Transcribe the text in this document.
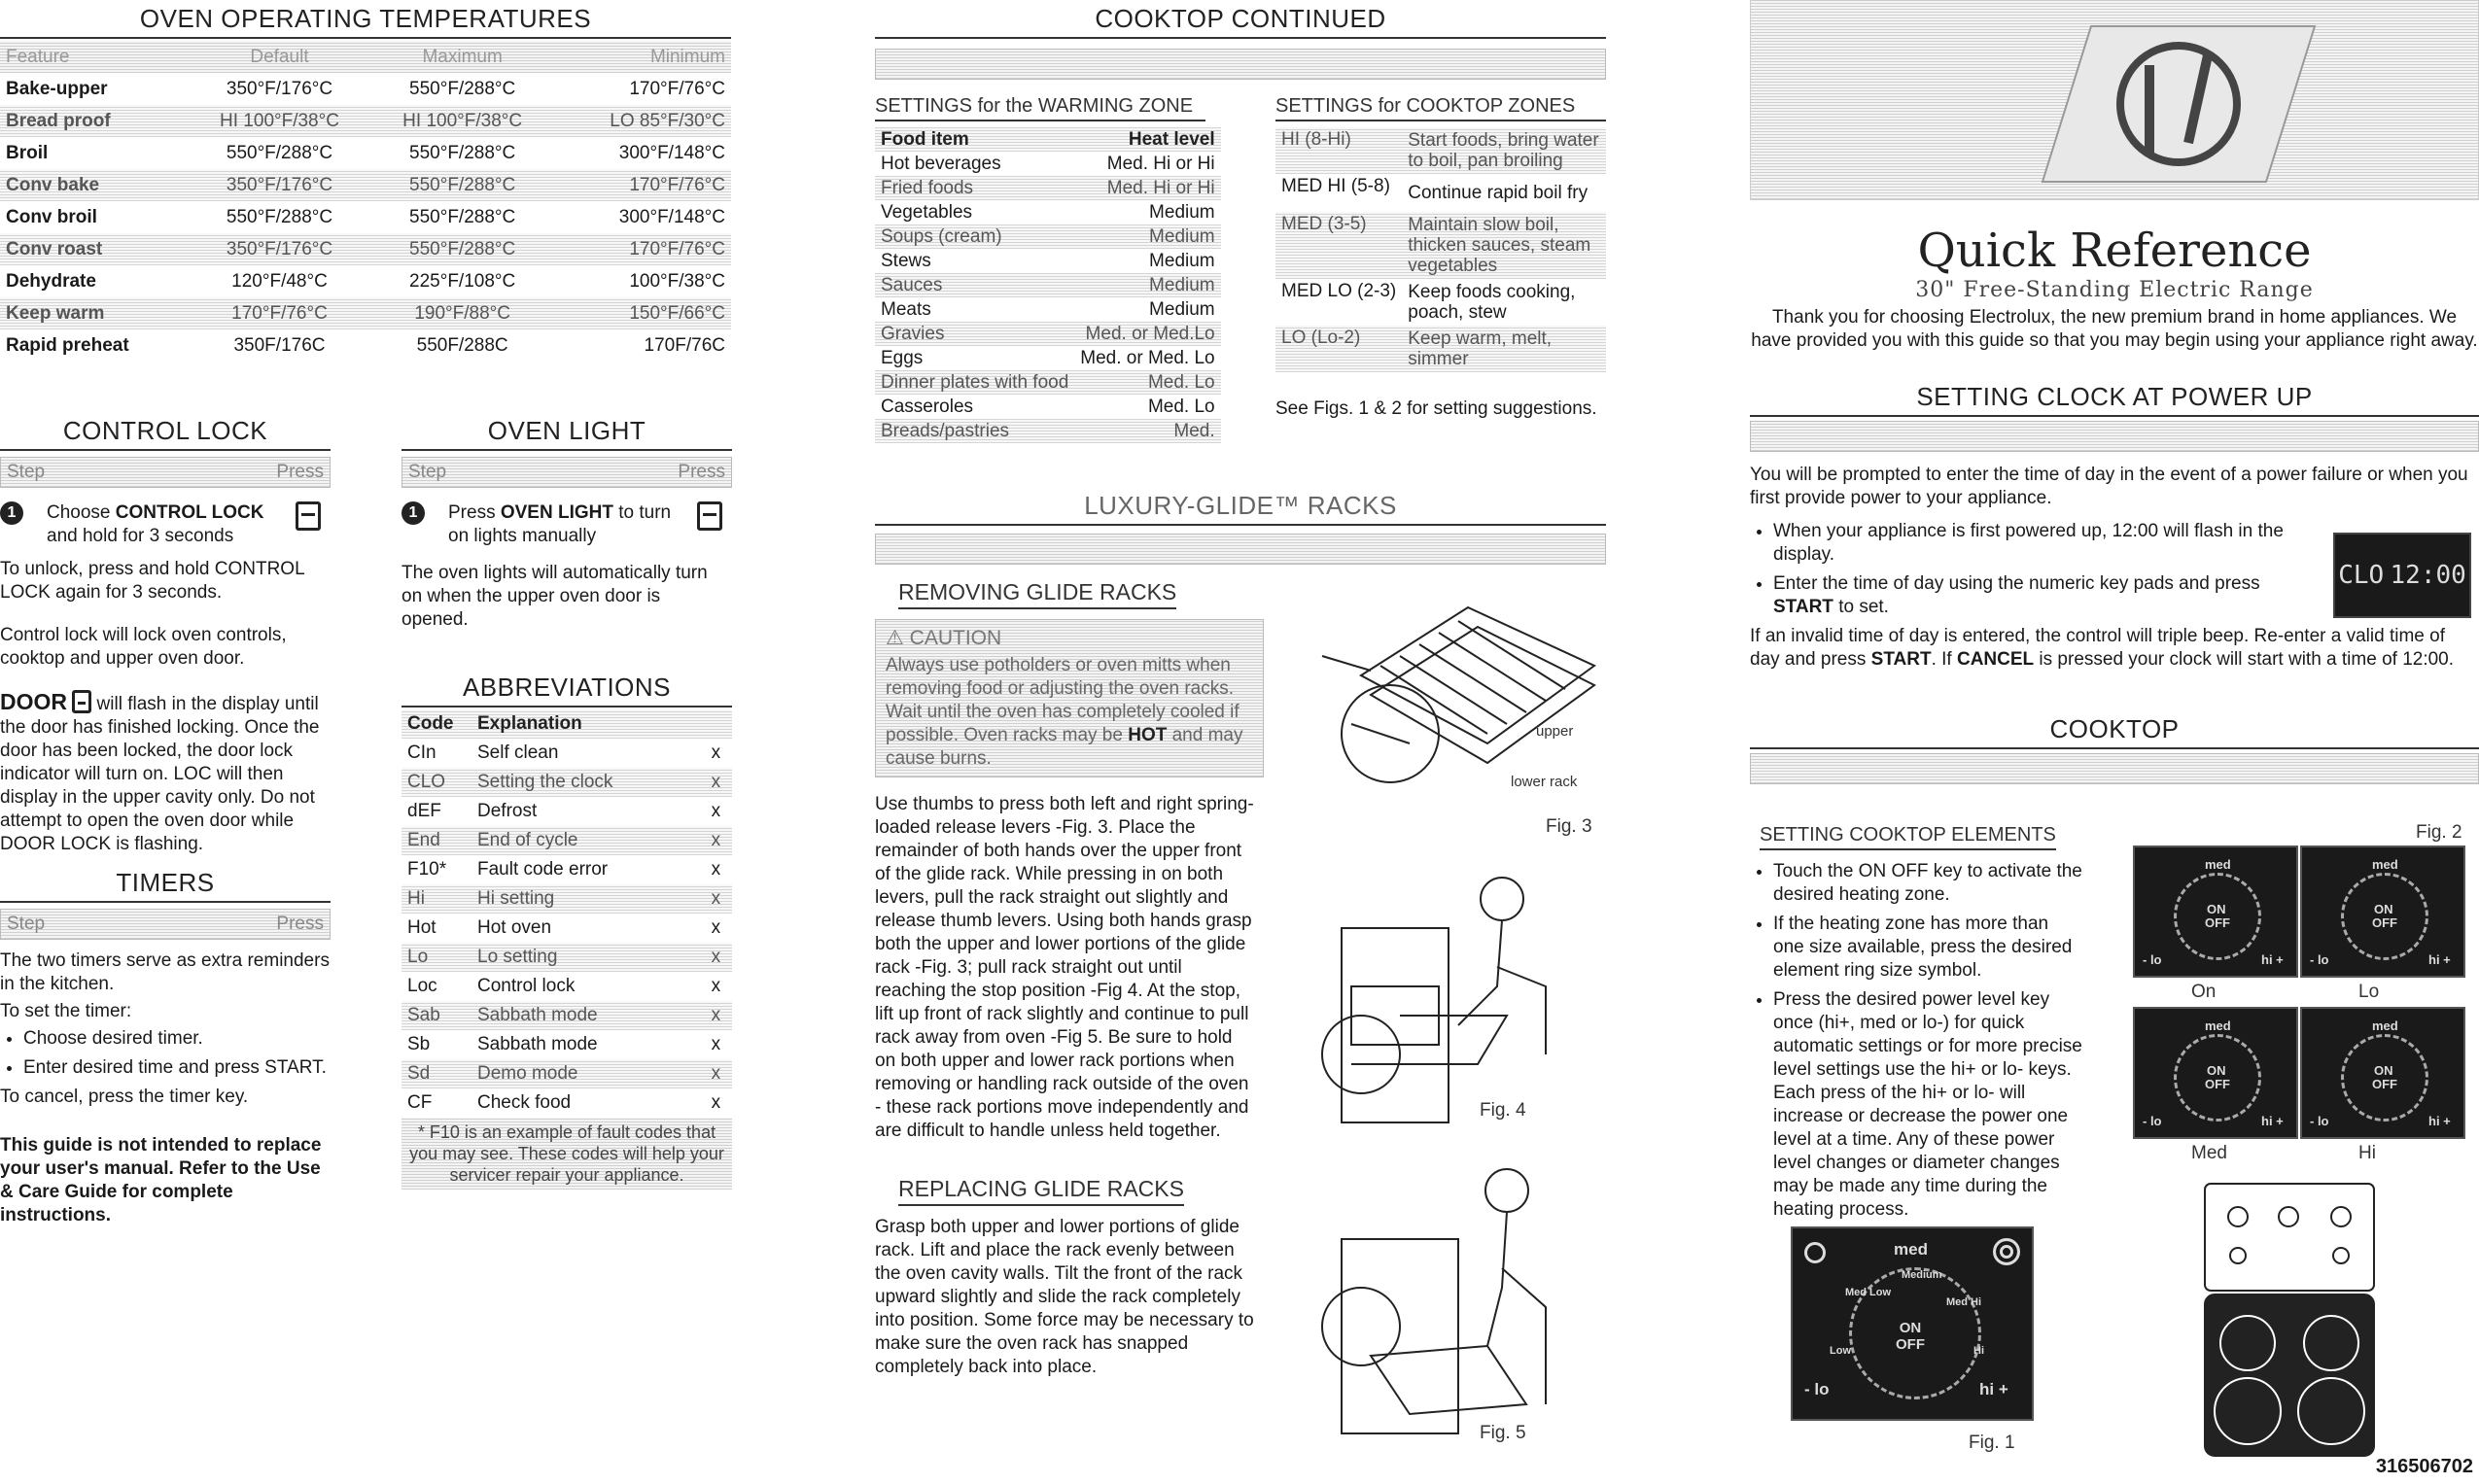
OVEN OPERATING TEMPERATURES
Feature	Default	Maximum	Minimum
Bake-upper	350°F/176°C	550°F/288°C	170°F/76°C
Bread proof	HI 100°F/38°C	HI 100°F/38°C	LO 85°F/30°C
Broil	550°F/288°C	550°F/288°C	300°F/148°C
Conv bake	350°F/176°C	550°F/288°C	170°F/76°C
Conv broil	550°F/288°C	550°F/288°C	300°F/148°C
Conv roast	350°F/176°C	550°F/288°C	170°F/76°C
Dehydrate	120°F/48°C	225°F/108°C	100°F/38°C
Keep warm	170°F/76°C	190°F/88°C	150°F/66°C
Rapid preheat	350F/176C	550F/288C	170F/76C
CONTROL LOCK
Step	Press
1	Choose CONTROL LOCK and hold for 3 seconds

To unlock, press and hold CONTROL LOCK again for 3 seconds.

Control lock will lock oven controls, cooktop and upper oven door.

DOOR  will flash in the display until the door has finished locking. Once the door has been locked, the door lock indicator will turn on. LOC will then display in the upper cavity only. Do not attempt to open the oven door while DOOR LOCK is flashing.

TIMERS
Step	Press

The two timers serve as extra reminders in the kitchen.

To set the timer:

• Choose desired timer.
• Enter desired time and press START.

To cancel, press the timer key.

This guide is not intended to replace your user's manual. Refer to the Use & Care Guide for complete instructions.

OVEN LIGHT
Step	Press
1	Press OVEN LIGHT to turn on lights manually

The oven lights will automatically turn on when the upper oven door is opened.

ABBREVIATIONS
Code	Explanation	
CIn	Self clean	x
CLO	Setting the clock	x
dEF	Defrost	x
End	End of cycle	x
F10*	Fault code error	x
Hi	Hi setting	x
Hot	Hot oven	x
Lo	Lo setting	x
Loc	Control lock	x
Sab	Sabbath mode	x
Sb	Sabbath mode	x
Sd	Demo mode	x
CF	Check food	x
* F10 is an example of fault codes that you may see. These codes will help your servicer repair your appliance.
COOKTOP CONTINUED
SETTINGS for the WARMING ZONE
Food item	Heat level
Hot beverages	Med. Hi or Hi
Fried foods	Med. Hi or Hi
Vegetables	Medium
Soups (cream)	Medium
Stews	Medium
Sauces	Medium
Meats	Medium
Gravies	Med. or Med.Lo
Eggs	Med. or Med. Lo
Dinner plates with food	Med. Lo
Casseroles	Med. Lo
Breads/pastries	Med.
SETTINGS for COOKTOP ZONES
HI (8-Hi)	Start foods, bring water to boil, pan broiling
MED HI (5-8)	Continue rapid boil fry
MED (3-5)	Maintain slow boil, thicken sauces, steam vegetables
MED LO (2-3)	Keep foods cooking, poach, stew
LO (Lo-2)	Keep warm, melt, simmer

See Figs. 1 & 2 for setting suggestions.

LUXURY-GLIDE™ RACKS
REMOVING GLIDE RACKS
⚠ CAUTION

Always use potholders or oven mitts when removing food or adjusting the oven racks. Wait until the oven has completely cooled if possible. Oven racks may be HOT and may cause burns.

Use thumbs to press both left and right spring-loaded release levers -Fig. 3. Place the remainder of both hands over the upper front of the glide rack. While pressing in on both levers, pull the rack straight out slightly and release thumb levers. Using both hands grasp both the upper and lower portions of the glide rack -Fig. 3; pull rack straight out until reaching the stop position -Fig 4. At the stop, lift up front of rack slightly and continue to pull rack away from oven -Fig 5. Be sure to hold on both upper and lower rack portions when removing or handling rack outside of the oven - these rack portions move independently and are difficult to handle unless held together.

REPLACING GLIDE RACKS

Grasp both upper and lower portions of glide rack. Lift and place the rack evenly between the oven cavity walls. Tilt the front of the rack upward slightly and slide the rack completely into position. Some force may be necessary to make sure the oven rack has snapped completely back into place.

upper
lower rack
Fig. 3
Fig. 4
Fig. 5
Quick Reference
30" Free-Standing Electric Range

Thank you for choosing Electrolux, the new premium brand in home appliances. We have provided you with this guide so that you may begin using your appliance right away.

SETTING CLOCK AT POWER UP

You will be prompted to enter the time of day in the event of a power failure or when you first provide power to your appliance.

• When your appliance is first powered up, 12:00 will flash in the display.
• Enter the time of day using the numeric key pads and press START to set.

If an invalid time of day is entered, the control will triple beep. Re-enter a valid time of day and press START. If CANCEL is pressed your clock will start with a time of 12:00.

COOKTOP
CLO 12:00
SETTING COOKTOP ELEMENTS
• Touch the ON OFF key to activate the desired heating zone.
• If the heating zone has more than one size available, press the desired element ring size symbol.
• Press the desired power level key once (hi+, med or lo-) for quick automatic settings or for more precise level settings use the hi+ or lo- keys. Each press of the hi+ or lo- will increase or decrease the power one level at a time. Any of these power level changes or diameter changes may be made any time during the heating process.
Fig. 2
med
ON
OFF
- lo	hi +
On
med
ON
OFF
- lo	hi +
Lo
med
ON
OFF
- lo	hi +
Med
med
ON
OFF
- lo	hi +
Hi
med
ON
OFF
- lo	hi +
Low
Med Low
Medium
Med Hi
Hi
Fig. 1
316506702
